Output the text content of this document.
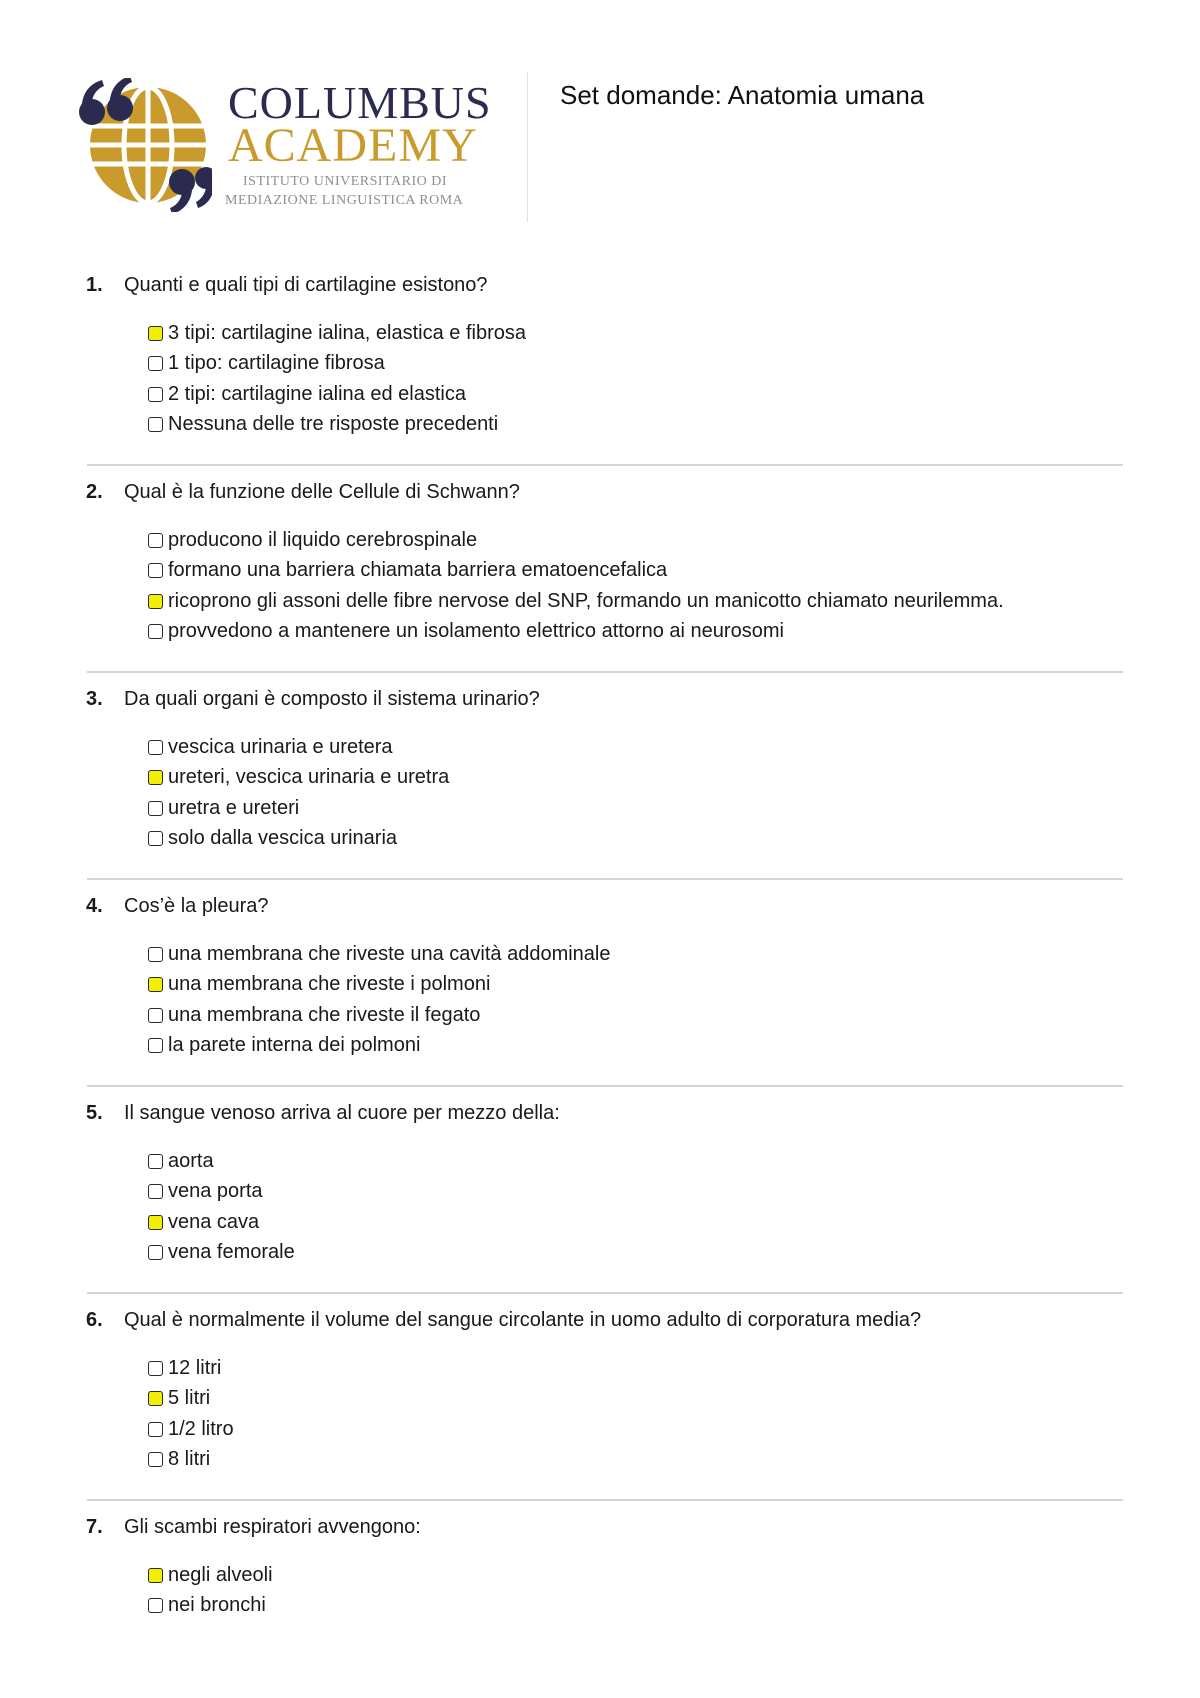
COLUMBUS
ACADEMY
ISTITUTO UNIVERSITARIO DI
MEDIAZIONE LINGUISTICA ROMA
Set domande: Anatomia umana
1. Quanti e quali tipi di cartilagine esistono?
3 tipi: cartilagine ialina, elastica e fibrosa
1 tipo: cartilagine fibrosa
2 tipi: cartilagine ialina ed elastica
Nessuna delle tre risposte precedenti
2. Qual è la funzione delle Cellule di Schwann?
producono il liquido cerebrospinale
formano una barriera chiamata barriera ematoencefalica
ricoprono gli assoni delle fibre nervose del SNP, formando un manicotto chiamato neurilemma.
provvedono a mantenere un isolamento elettrico attorno ai neurosomi
3. Da quali organi è composto il sistema urinario?
vescica urinaria e uretera
ureteri, vescica urinaria e uretra
uretra e ureteri
solo dalla vescica urinaria
4. Cos’è la pleura?
una membrana che riveste una cavità addominale
una membrana che riveste i polmoni
una membrana che riveste il fegato
la parete interna dei polmoni
5. Il sangue venoso arriva al cuore per mezzo della:
aorta
vena porta
vena cava
vena femorale
6. Qual è normalmente il volume del sangue circolante in uomo adulto di corporatura media?
12 litri
5 litri
1/2 litro
8 litri
7. Gli scambi respiratori avvengono:
negli alveoli
nei bronchi
